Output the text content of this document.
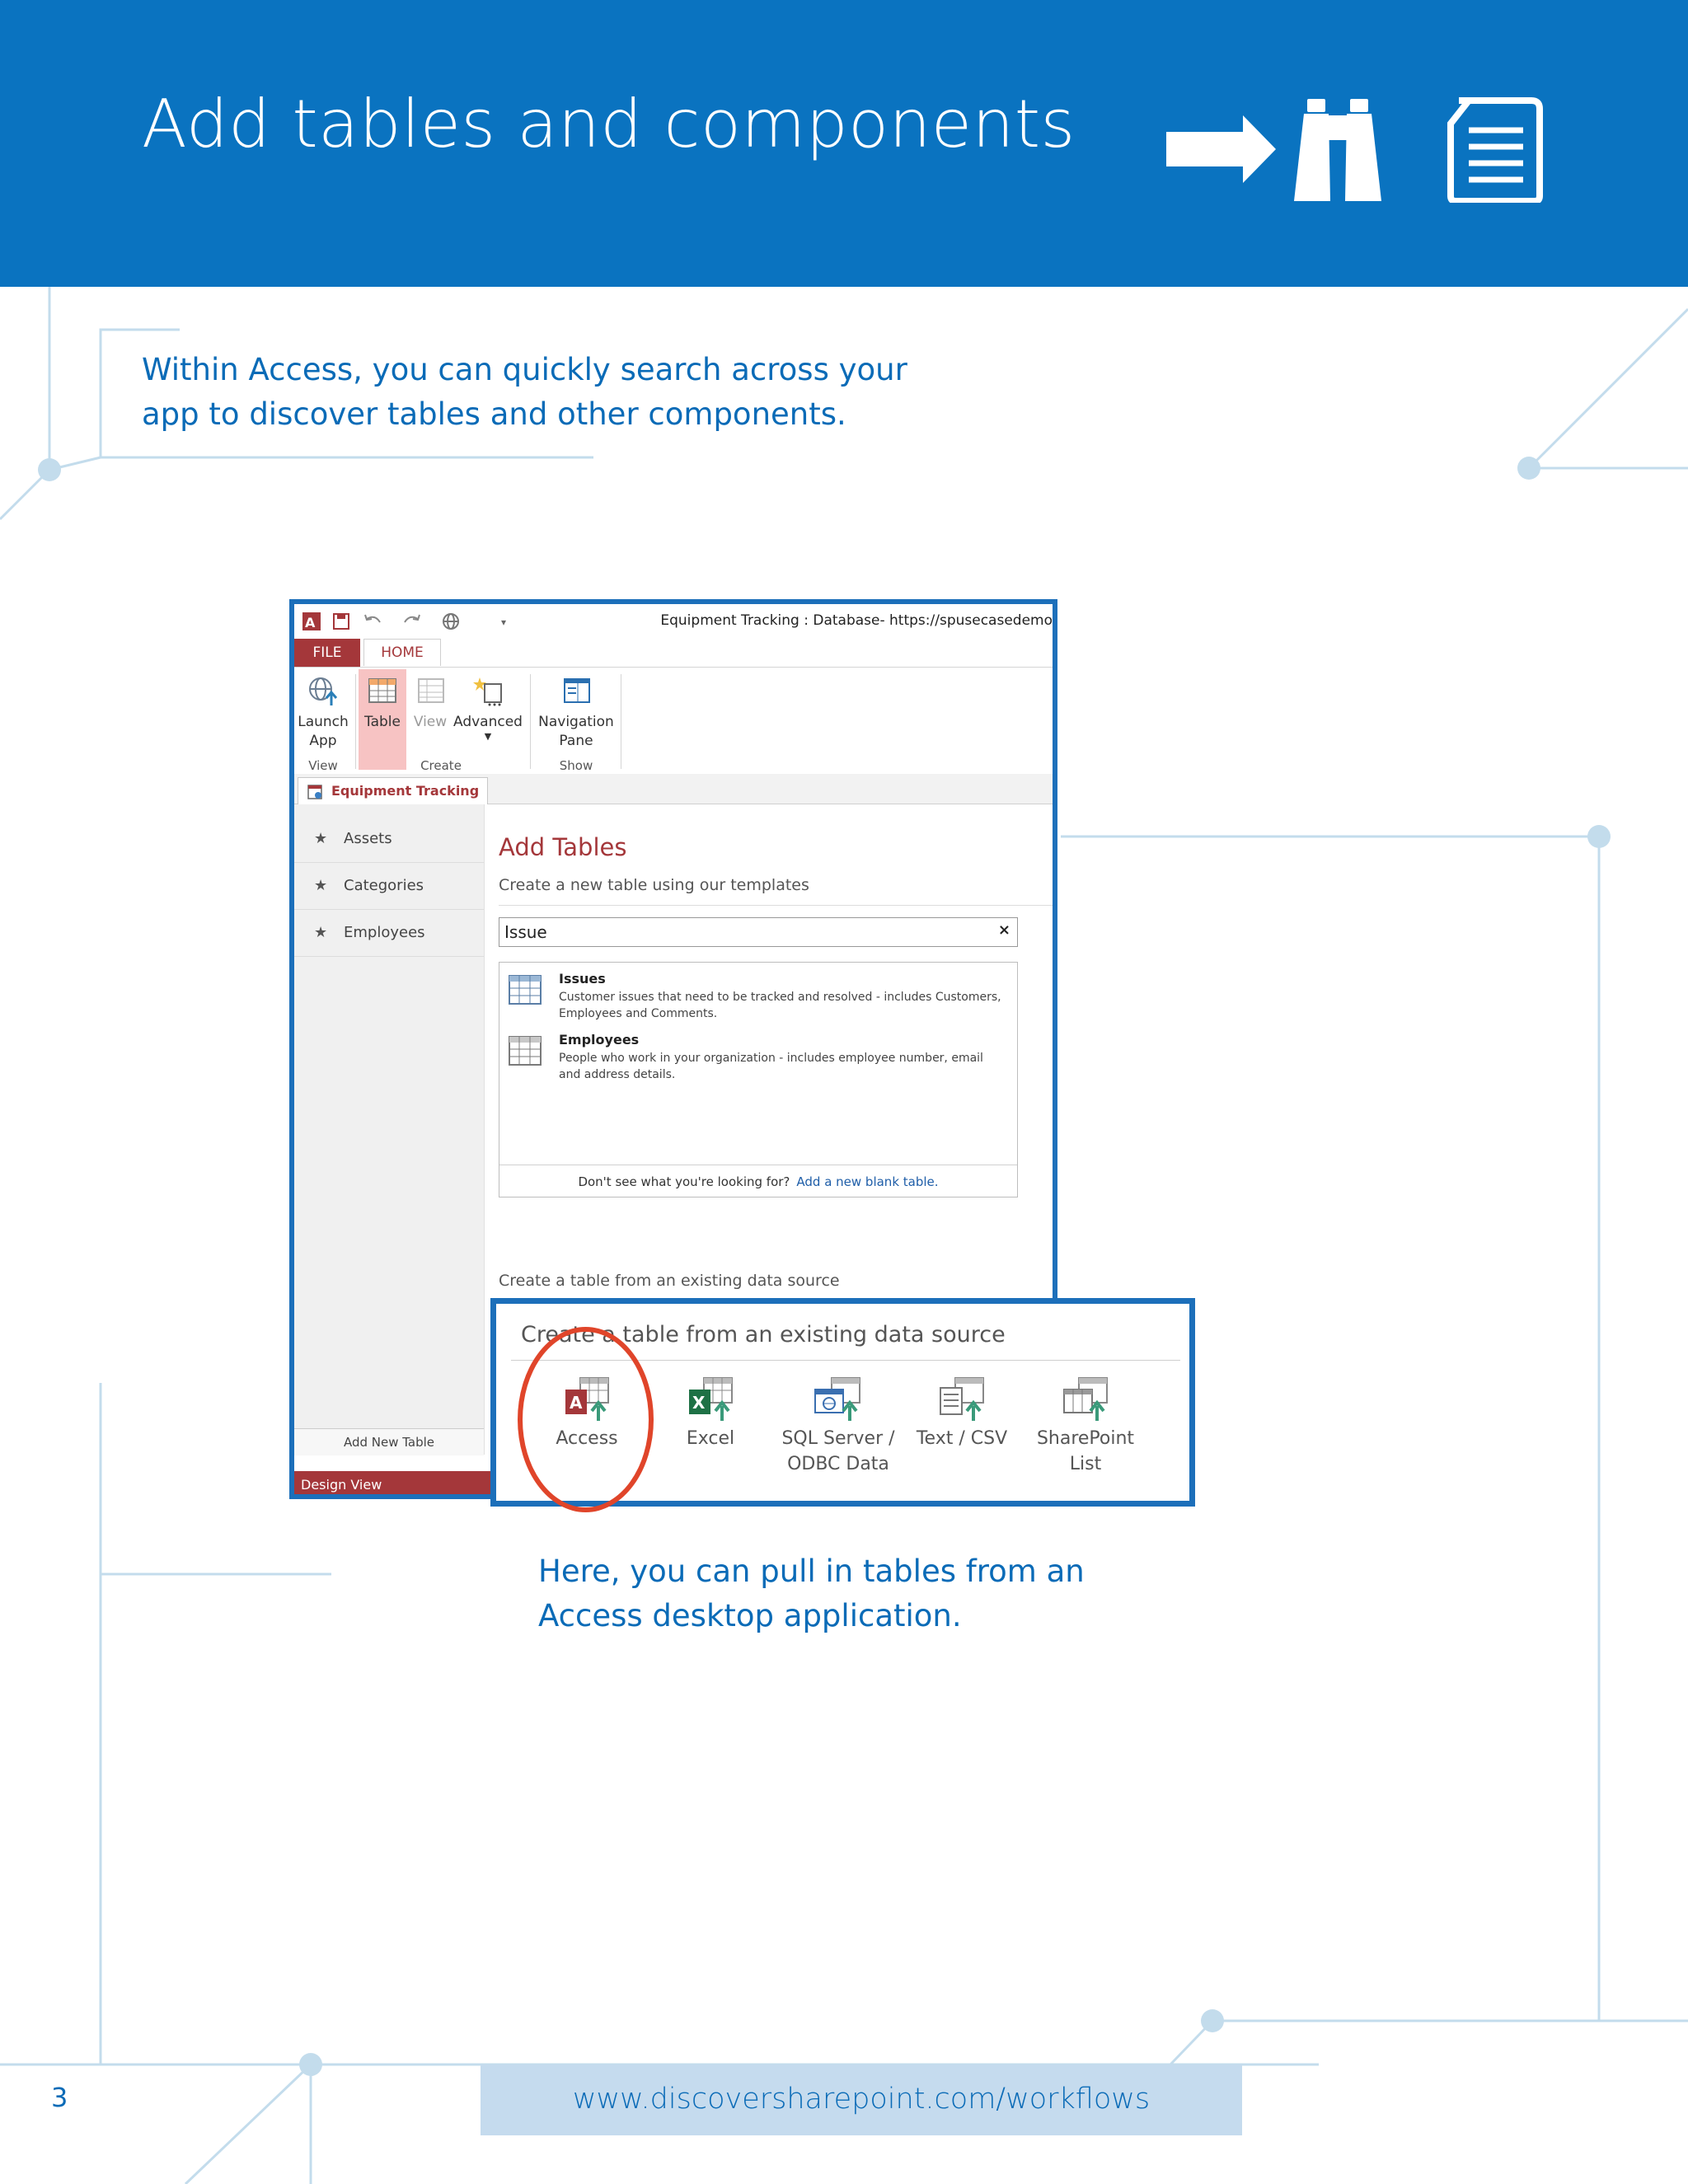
Add tables and components
Within Access, you can quickly search across your app to discover tables and other components.
A	▾	Equipment Tracking : Database- https://spusecasedemo
FILE	HOME
Launch App
Table View Advanced
▼
Navigation Pane
View	Create	Show
Equipment Tracking
★ Assets
★ Categories
★ Employees
Add New Table
Design View
Add Tables
Create a new table using our templates
Issue
×
Issues
Customer issues that need to be tracked and resolved - includes Customers, Employees and Comments.
Employees
People who work in your organization - includes employee number, email and address details.
Don't see what you're looking for? Add a new blank table.
Create a table from an existing data source
Create a table from an existing data source
A
Access
X
Excel	SQL Server / ODBC Data
Text / CSV SharePoint List
Here, you can pull in tables from an Access desktop application.
3	www.discoversharepoint.com/workflows
